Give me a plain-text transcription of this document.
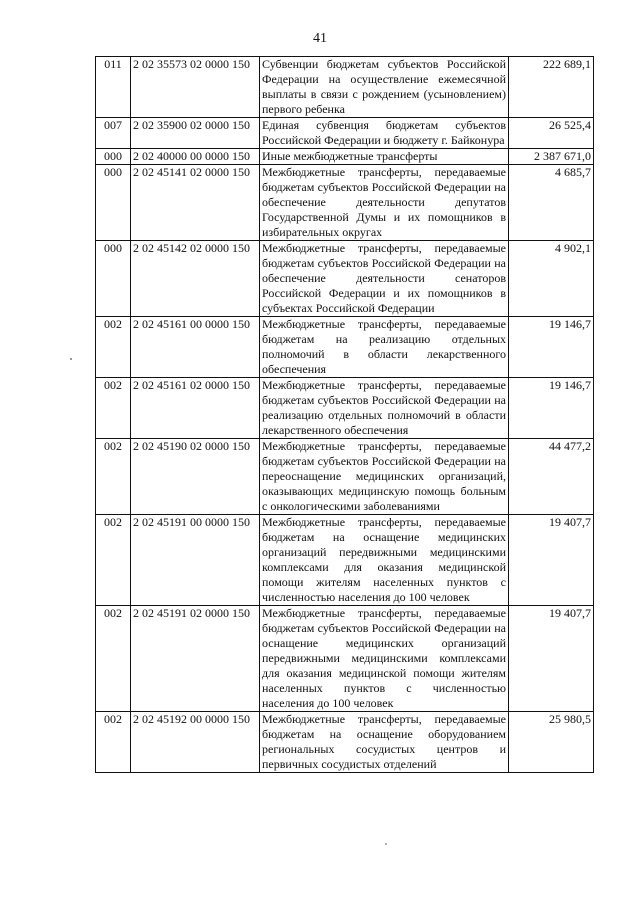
41
011	2 02 35573 02 0000 150	Субвенции бюджетам субъектов Российской Федерации на осуществление ежемесячной выплаты в связи с рождением (усыновлением) первого ребенка	222 689,1
007	2 02 35900 02 0000 150	Единая субвенция бюджетам субъектов Российской Федерации и бюджету г. Байконура	26 525,4
000	2 02 40000 00 0000 150	Иные межбюджетные трансферты	2 387 671,0
000	2 02 45141 02 0000 150	Межбюджетные трансферты, передаваемые бюджетам субъектов Российской Федерации на обеспечение деятельности депутатов Государственной Думы и их помощников в избирательных округах	4 685,7
000	2 02 45142 02 0000 150	Межбюджетные трансферты, передаваемые бюджетам субъектов Российской Федерации на обеспечение деятельности сенаторов Российской Федерации и их помощников в субъектах Российской Федерации	4 902,1
002	2 02 45161 00 0000 150	Межбюджетные трансферты, передаваемые бюджетам на реализацию отдельных полномочий в области лекарственного обеспечения	19 146,7
002	2 02 45161 02 0000 150	Межбюджетные трансферты, передаваемые бюджетам субъектов Российской Федерации на реализацию отдельных полномочий в области лекарственного обеспечения	19 146,7
002	2 02 45190 02 0000 150	Межбюджетные трансферты, передаваемые бюджетам субъектов Российской Федерации на переоснащение медицинских организаций, оказывающих медицинскую помощь больным с онкологическими заболеваниями	44 477,2
002	2 02 45191 00 0000 150	Межбюджетные трансферты, передаваемые бюджетам на оснащение медицинских организаций передвижными медицинскими комплексами для оказания медицинской помощи жителям населенных пунктов с численностью населения до 100 человек	19 407,7
002	2 02 45191 02 0000 150	Межбюджетные трансферты, передаваемые бюджетам субъектов Российской Федерации на оснащение медицинских организаций передвижными медицинскими комплексами для оказания медицинской помощи жителям населенных пунктов с численностью населения до 100 человек	19 407,7
002	2 02 45192 00 0000 150	Межбюджетные трансферты, передаваемые бюджетам на оснащение оборудованием региональных сосудистых центров и первичных сосудистых отделений	25 980,5
